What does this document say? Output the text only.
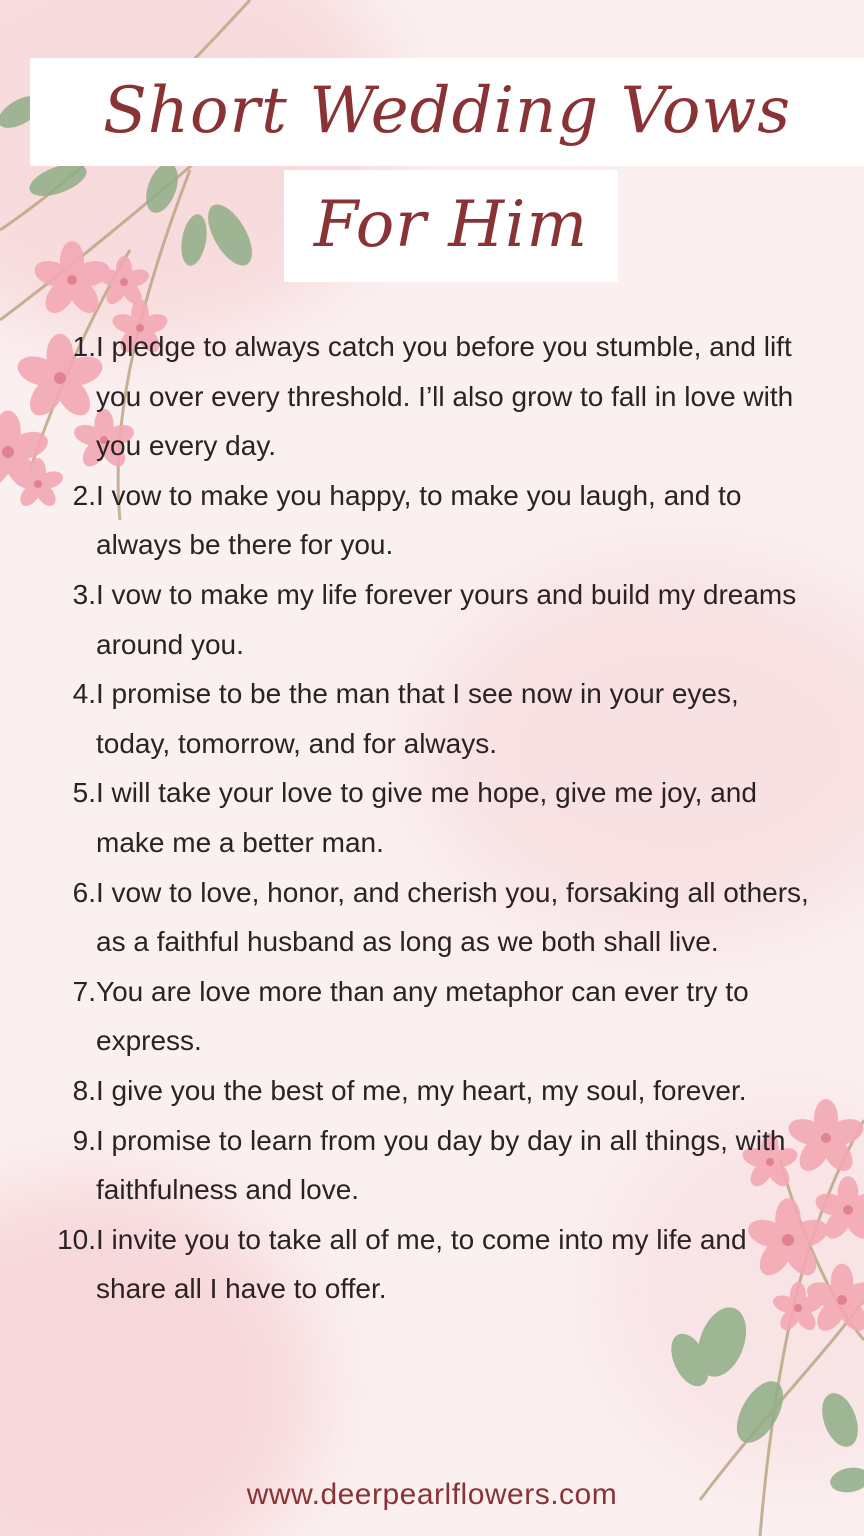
Short Wedding Vows
For Him
1. I pledge to always catch you before you stumble, and lift you over every threshold. I’ll also grow to fall in love with you every day.
2. I vow to make you happy, to make you laugh, and to always be there for you.
3. I vow to make my life forever yours and build my dreams around you.
4. I promise to be the man that I see now in your eyes, today, tomorrow, and for always.
5. I will take your love to give me hope, give me joy, and make me a better man.
6. I vow to love, honor, and cherish you, forsaking all others, as a faithful husband as long as we both shall live.
7. You are love more than any metaphor can ever try to express.
8. I give you the best of me, my heart, my soul, forever.
9. I promise to learn from you day by day in all things, with faithfulness and love.
10. I invite you to take all of me, to come into my life and share all I have to offer.
www.deerpearlflowers.com
